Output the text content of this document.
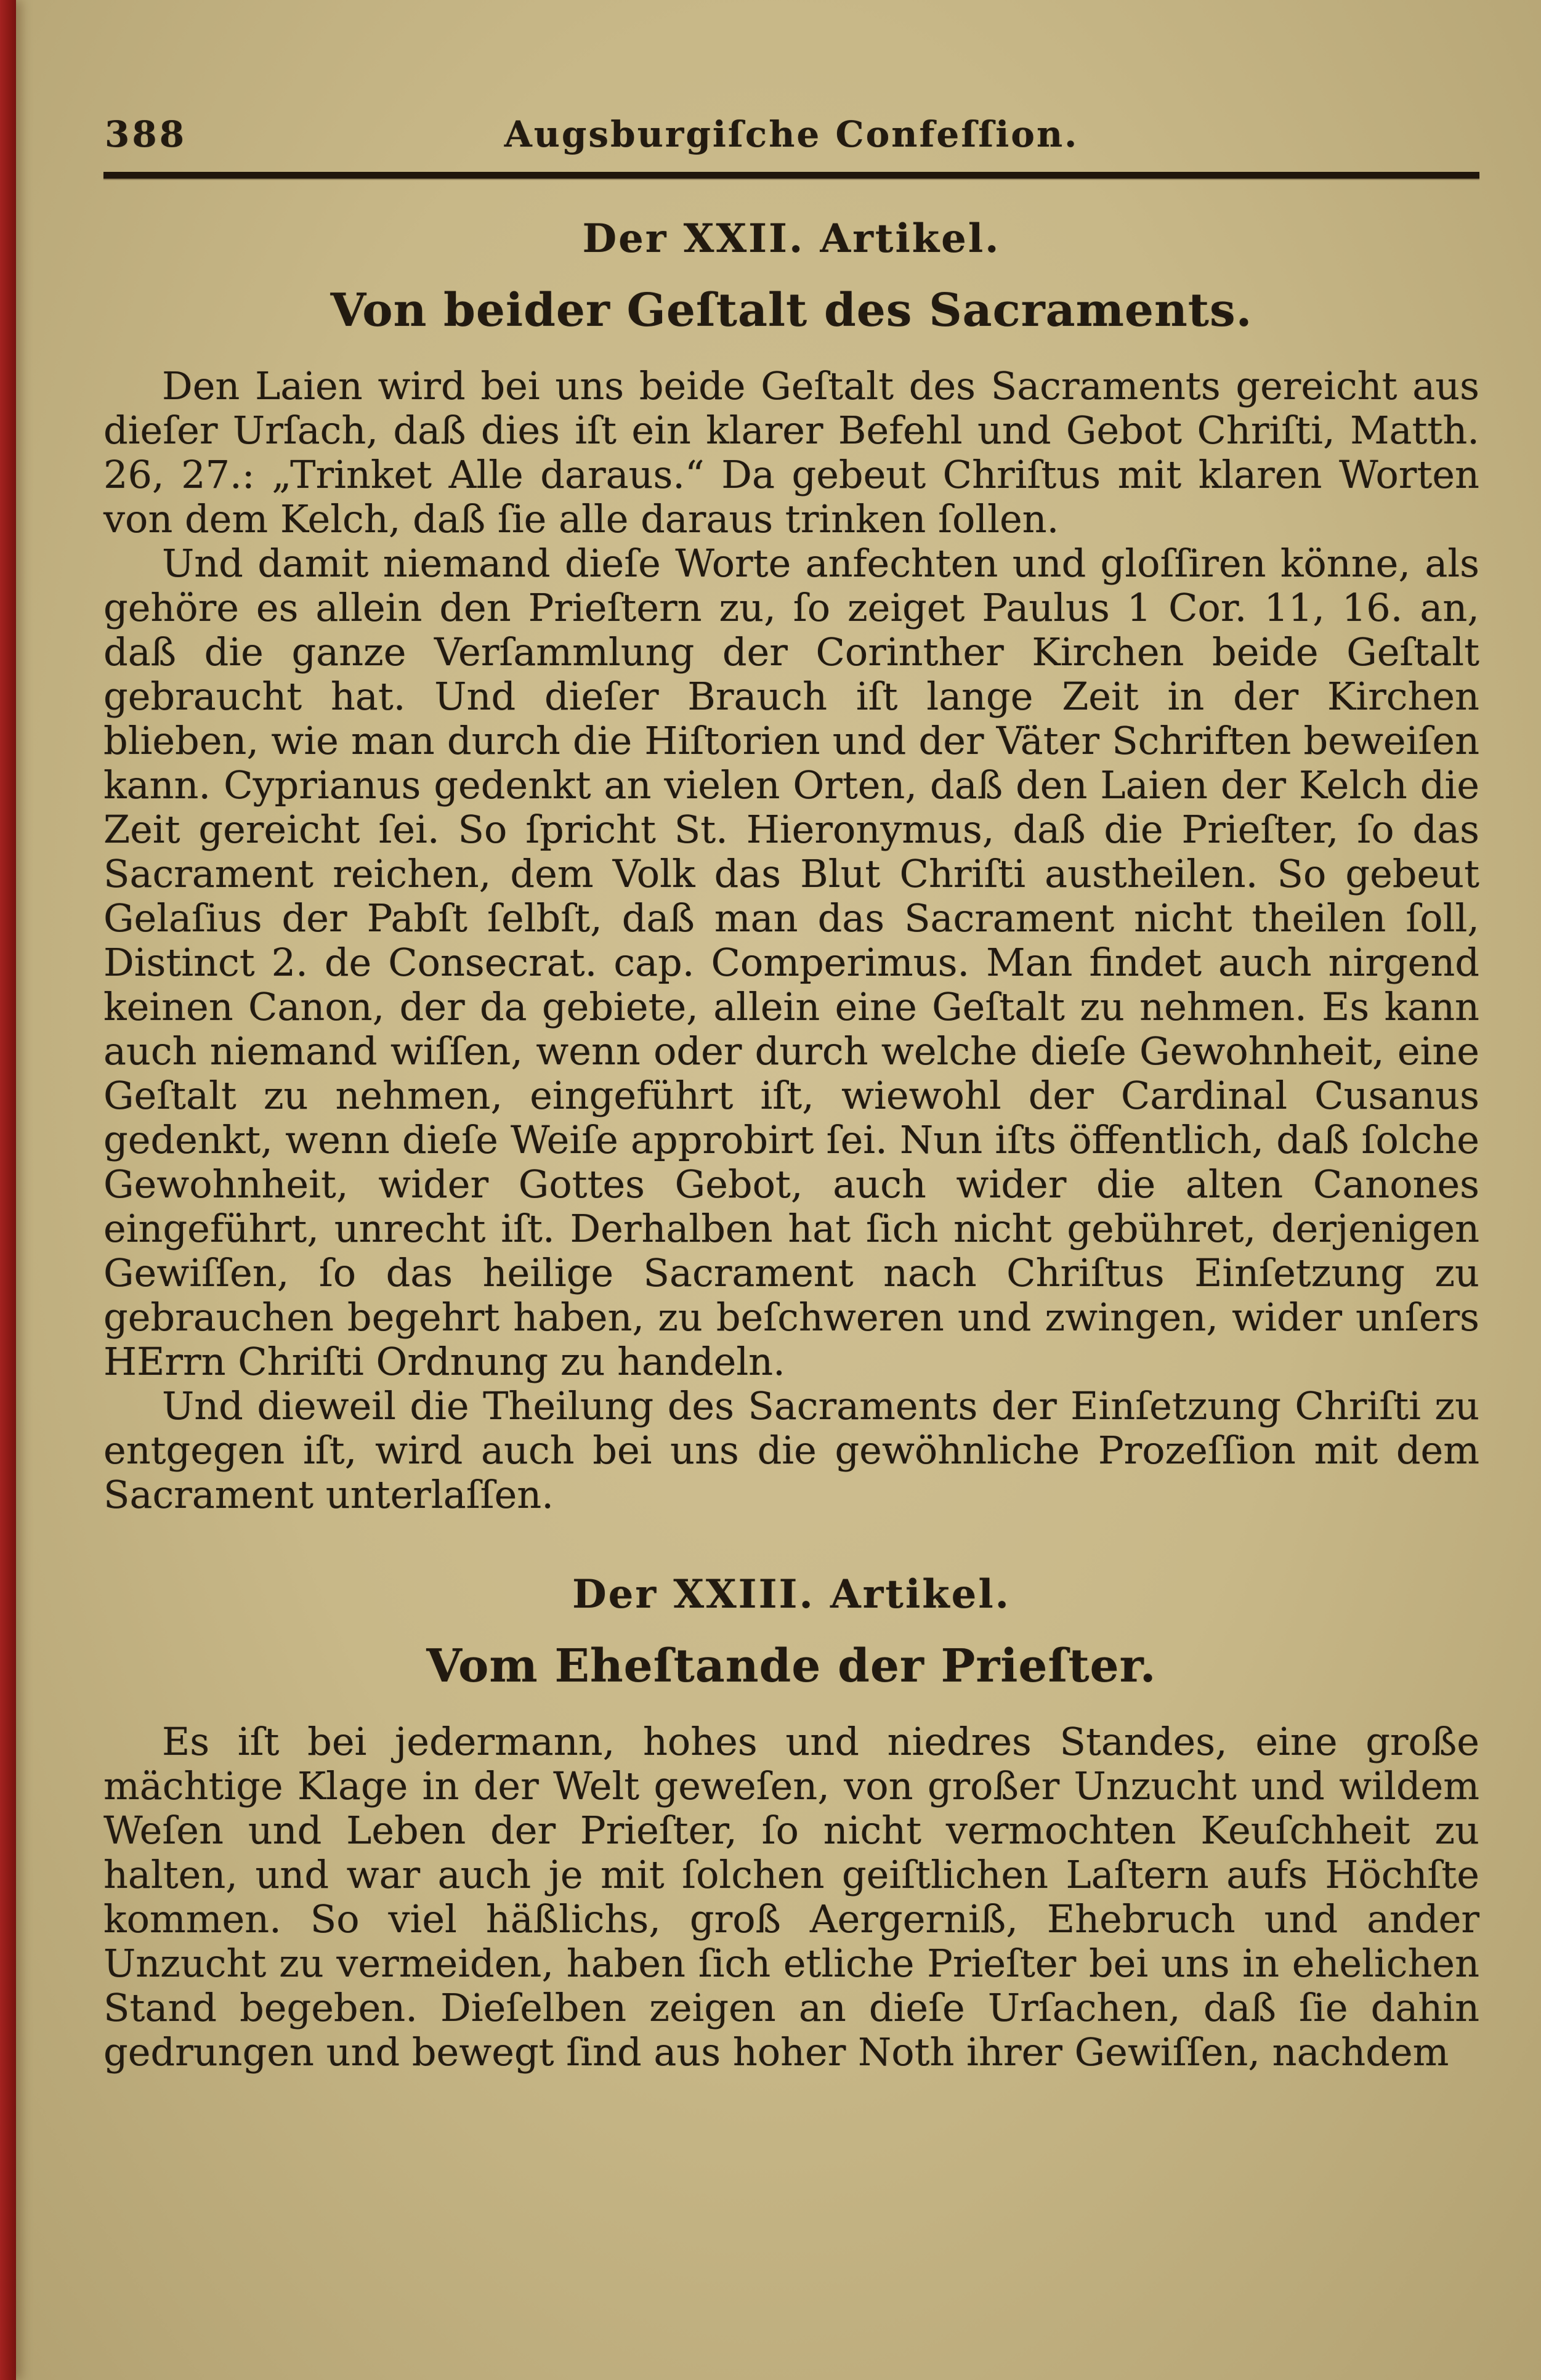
388	Augsburgiſche Confeſſion.
Der XXII. Artikel.
Von beider Geſtalt des Sacraments.

Den Laien wird bei uns beide Geſtalt des Sacraments gereicht aus dieſer Urſach, daß dies iſt ein klarer Befehl und Gebot Chriſti, Matth. 26, 27.: „Trinket Alle daraus.“ Da gebeut Chriſtus mit klaren Worten von dem Kelch, daß ſie alle daraus trinken ſollen.

Und damit niemand dieſe Worte anfechten und gloſſiren könne, als gehöre es allein den Prieſtern zu, ſo zeiget Paulus 1 Cor. 11, 16. an, daß die ganze Verſammlung der Corinther Kirchen beide Geſtalt gebraucht hat. Und dieſer Brauch iſt lange Zeit in der Kirchen blieben, wie man durch die Hiſtorien und der Väter Schriften beweiſen kann. Cyprianus gedenkt an vielen Orten, daß den Laien der Kelch die Zeit gereicht ſei. So ſpricht St. Hieronymus, daß die Prieſter, ſo das Sacrament reichen, dem Volk das Blut Chriſti austheilen. So gebeut Gelaſius der Pabſt ſelbſt, daß man das Sacrament nicht theilen ſoll, Distinct 2. de Consecrat. cap. Comperimus. Man findet auch nirgend keinen Canon, der da gebiete, allein eine Geſtalt zu nehmen. Es kann auch niemand wiſſen, wenn oder durch welche dieſe Gewohnheit, eine Geſtalt zu nehmen, eingeführt iſt, wiewohl der Cardinal Cusanus gedenkt, wenn dieſe Weiſe approbirt ſei. Nun iſts öffentlich, daß ſolche Gewohnheit, wider Gottes Gebot, auch wider die alten Canones eingeführt, unrecht iſt. Derhalben hat ſich nicht gebühret, derjenigen Gewiſſen, ſo das heilige Sacrament nach Chriſtus Einſetzung zu gebrauchen begehrt haben, zu beſchweren und zwingen, wider unſers HErrn Chriſti Ordnung zu handeln.

Und dieweil die Theilung des Sacraments der Einſetzung Chriſti zu entgegen iſt, wird auch bei uns die gewöhnliche Prozeſſion mit dem Sacrament unterlaſſen.

Der XXIII. Artikel.
Vom Eheſtande der Prieſter.

Es iſt bei jedermann, hohes und niedres Standes, eine große mächtige Klage in der Welt geweſen, von großer Unzucht und wildem Weſen und Leben der Prieſter, ſo nicht vermochten Keuſchheit zu halten, und war auch je mit ſolchen geiſtlichen Laſtern aufs Höchſte kommen. So viel häßlichs, groß Aergerniß, Ehebruch und ander Unzucht zu vermeiden, haben ſich etliche Prieſter bei uns in ehelichen Stand begeben. Dieſelben zeigen an dieſe Urſachen, daß ſie dahin gedrungen und bewegt ſind aus hoher Noth ihrer Gewiſſen, nachdem
